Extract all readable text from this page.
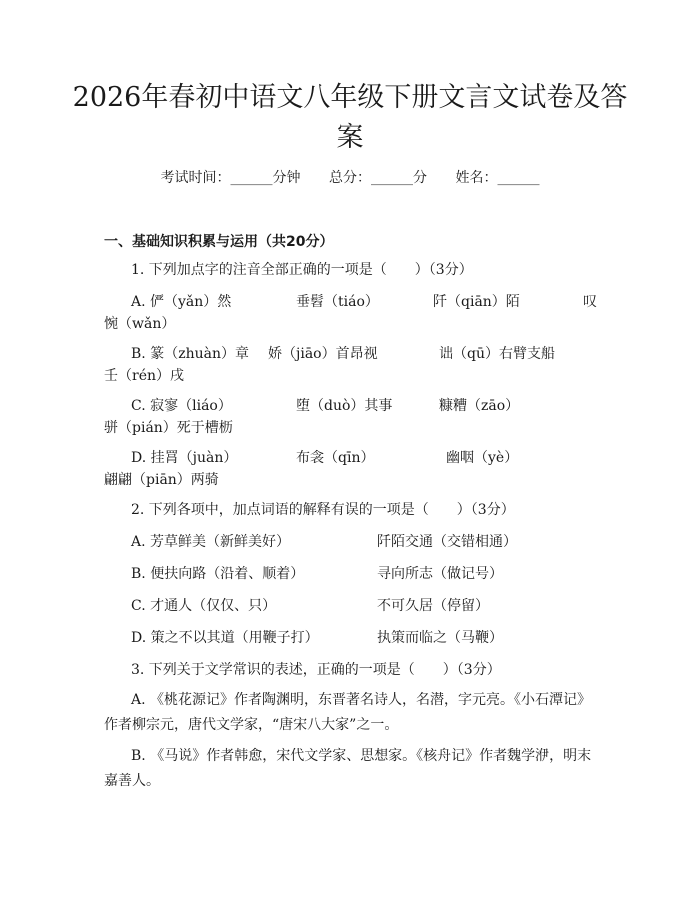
2026年春初中语文八年级下册文言文试卷及答案
考试时间：______分钟 总分：______分 姓名：______
一、基础知识积累与运用（共20分）
1. 下列加点字的注音全部正确的一项是（　　）（3分）
A. 俨（yǎn）然	垂髫（tiáo）	阡（qiān）陌	叹
惋（wǎn）
B. 篆（zhuàn）章 娇（jiāo）首昂视	诎（qū）右臂支船
壬（rén）戌
C. 寂寥（liáo）	堕（duò）其事	糠糟（zāo）
骈（pián）死于槽枥
D. 挂罥（juàn）	布衾（qīn）	幽咽（yè）
翩翩（piān）两骑
2. 下列各项中，加点词语的解释有误的一项是（　　）（3分）
A. 芳草鲜美（新鲜美好）	阡陌交通（交错相通）
B. 便扶向路（沿着、顺着）	寻向所志（做记号）
C. 才通人（仅仅、只）	不可久居（停留）
D. 策之不以其道（用鞭子打）	执策而临之（马鞭）
3. 下列关于文学常识的表述，正确的一项是（　　）（3分）

A. 《桃花源记》作者陶渊明，东晋著名诗人，名潜，字元亮。《小石潭记》作者柳宗元，唐代文学家，“唐宋八大家”之一。

B. 《马说》作者韩愈，宋代文学家、思想家。《核舟记》作者魏学洢，明末嘉善人。
